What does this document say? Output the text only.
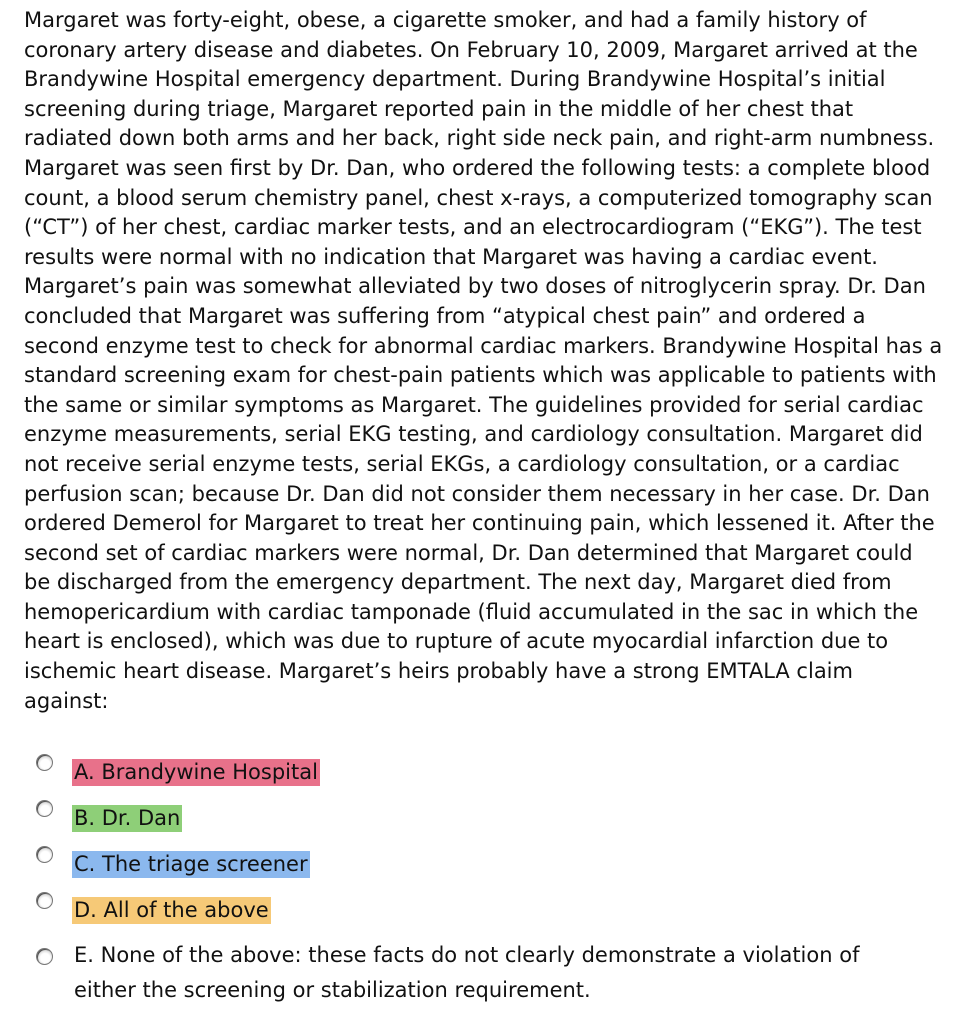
Margaret was forty-eight, obese, a cigarette smoker, and had a family history of coronary artery disease and diabetes. On February 10, 2009, Margaret arrived at the Brandywine Hospital emergency department. During Brandywine Hospital’s initial screening during triage, Margaret reported pain in the middle of her chest that radiated down both arms and her back, right side neck pain, and right-arm numbness. Margaret was seen first by Dr. Dan, who ordered the following tests: a complete blood count, a blood serum chemistry panel, chest x-rays, a computerized tomography scan (“CT”) of her chest, cardiac marker tests, and an electrocardiogram (“EKG”). The test results were normal with no indication that Margaret was having a cardiac event. Margaret’s pain was somewhat alleviated by two doses of nitroglycerin spray. Dr. Dan concluded that Margaret was suffering from “atypical chest pain” and ordered a second enzyme test to check for abnormal cardiac markers. Brandywine Hospital has a standard screening exam for chest-pain patients which was applicable to patients with the same or similar symptoms as Margaret. The guidelines provided for serial cardiac enzyme measurements, serial EKG testing, and cardiology consultation. Margaret did not receive serial enzyme tests, serial EKGs, a cardiology consultation, or a cardiac perfusion scan; because Dr. Dan did not consider them necessary in her case. Dr. Dan ordered Demerol for Margaret to treat her continuing pain, which lessened it. After the second set of cardiac markers were normal, Dr. Dan determined that Margaret could be discharged from the emergency department. The next day, Margaret died from hemopericardium with cardiac tamponade (fluid accumulated in the sac in which the heart is enclosed), which was due to rupture of acute myocardial infarction due to ischemic heart disease. Margaret’s heirs probably have a strong EMTALA claim against:

A. Brandywine Hospital
B. Dr. Dan
C. The triage screener
D. All of the above
E. None of the above: these facts do not clearly demonstrate a violation of either the screening or stabilization requirement.
